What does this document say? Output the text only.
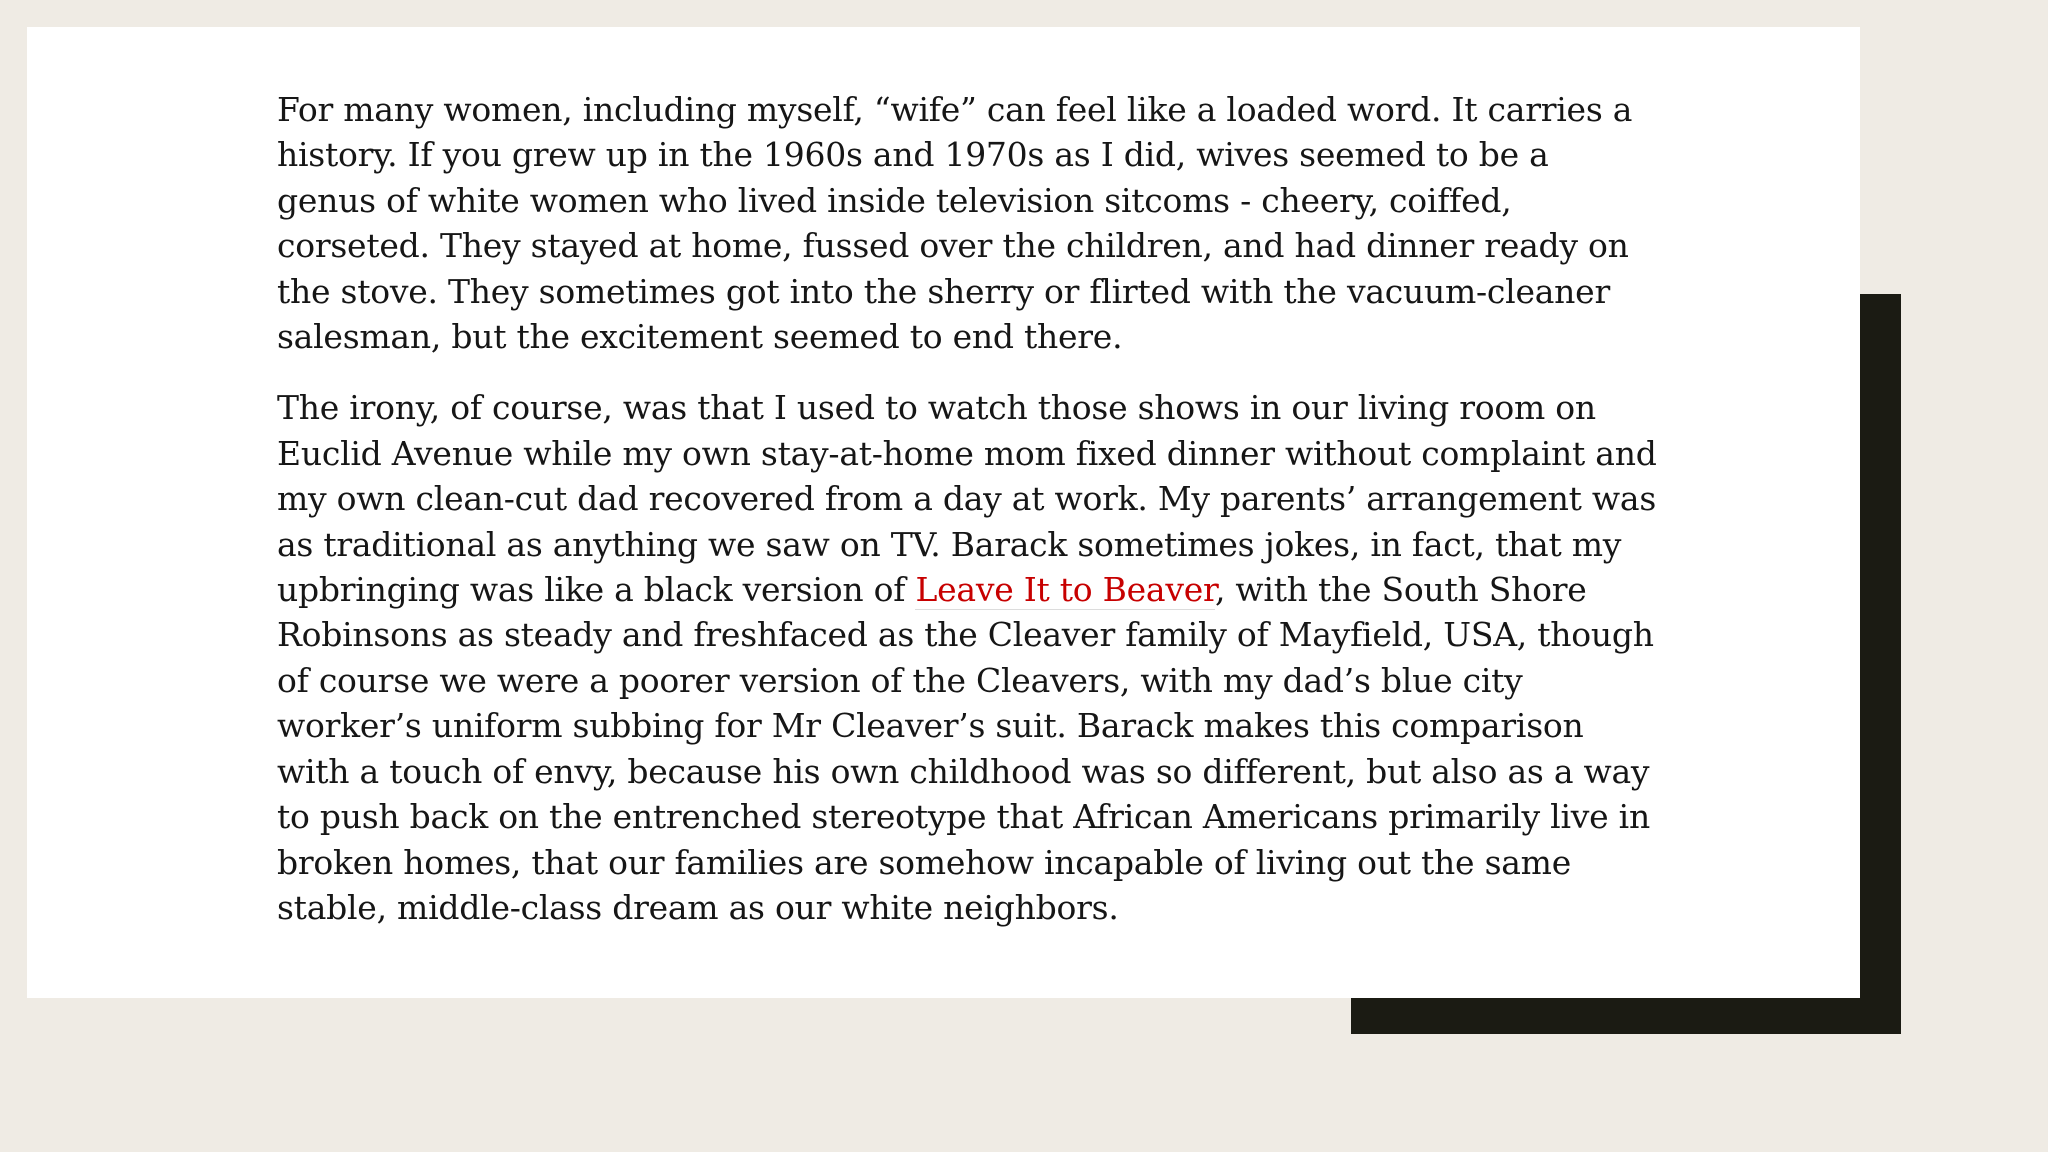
For many women, including myself, “wife” can feel like a loaded word. It carries a history. If you grew up in the 1960s and 1970s as I did, wives seemed to be a genus of white women who lived inside television sitcoms - cheery, coiffed, corseted. They stayed at home, fussed over the children, and had dinner ready on the stove. They sometimes got into the sherry or flirted with the vacuum-cleaner salesman, but the excitement seemed to end there.

The irony, of course, was that I used to watch those shows in our living room on Euclid Avenue while my own stay-at-home mom fixed dinner without complaint and my own clean-cut dad recovered from a day at work. My parents’ arrangement was as traditional as anything we saw on TV. Barack sometimes jokes, in fact, that my upbringing was like a black version of Leave It to Beaver, with the South Shore Robinsons as steady and freshfaced as the Cleaver family of Mayfield, USA, though of course we were a poorer version of the Cleavers, with my dad’s blue city worker’s uniform subbing for Mr Cleaver’s suit. Barack makes this comparison with a touch of envy, because his own childhood was so different, but also as a way to push back on the entrenched stereotype that African Americans primarily live in broken homes, that our families are somehow incapable of living out the same stable, middle-class dream as our white neighbors.
